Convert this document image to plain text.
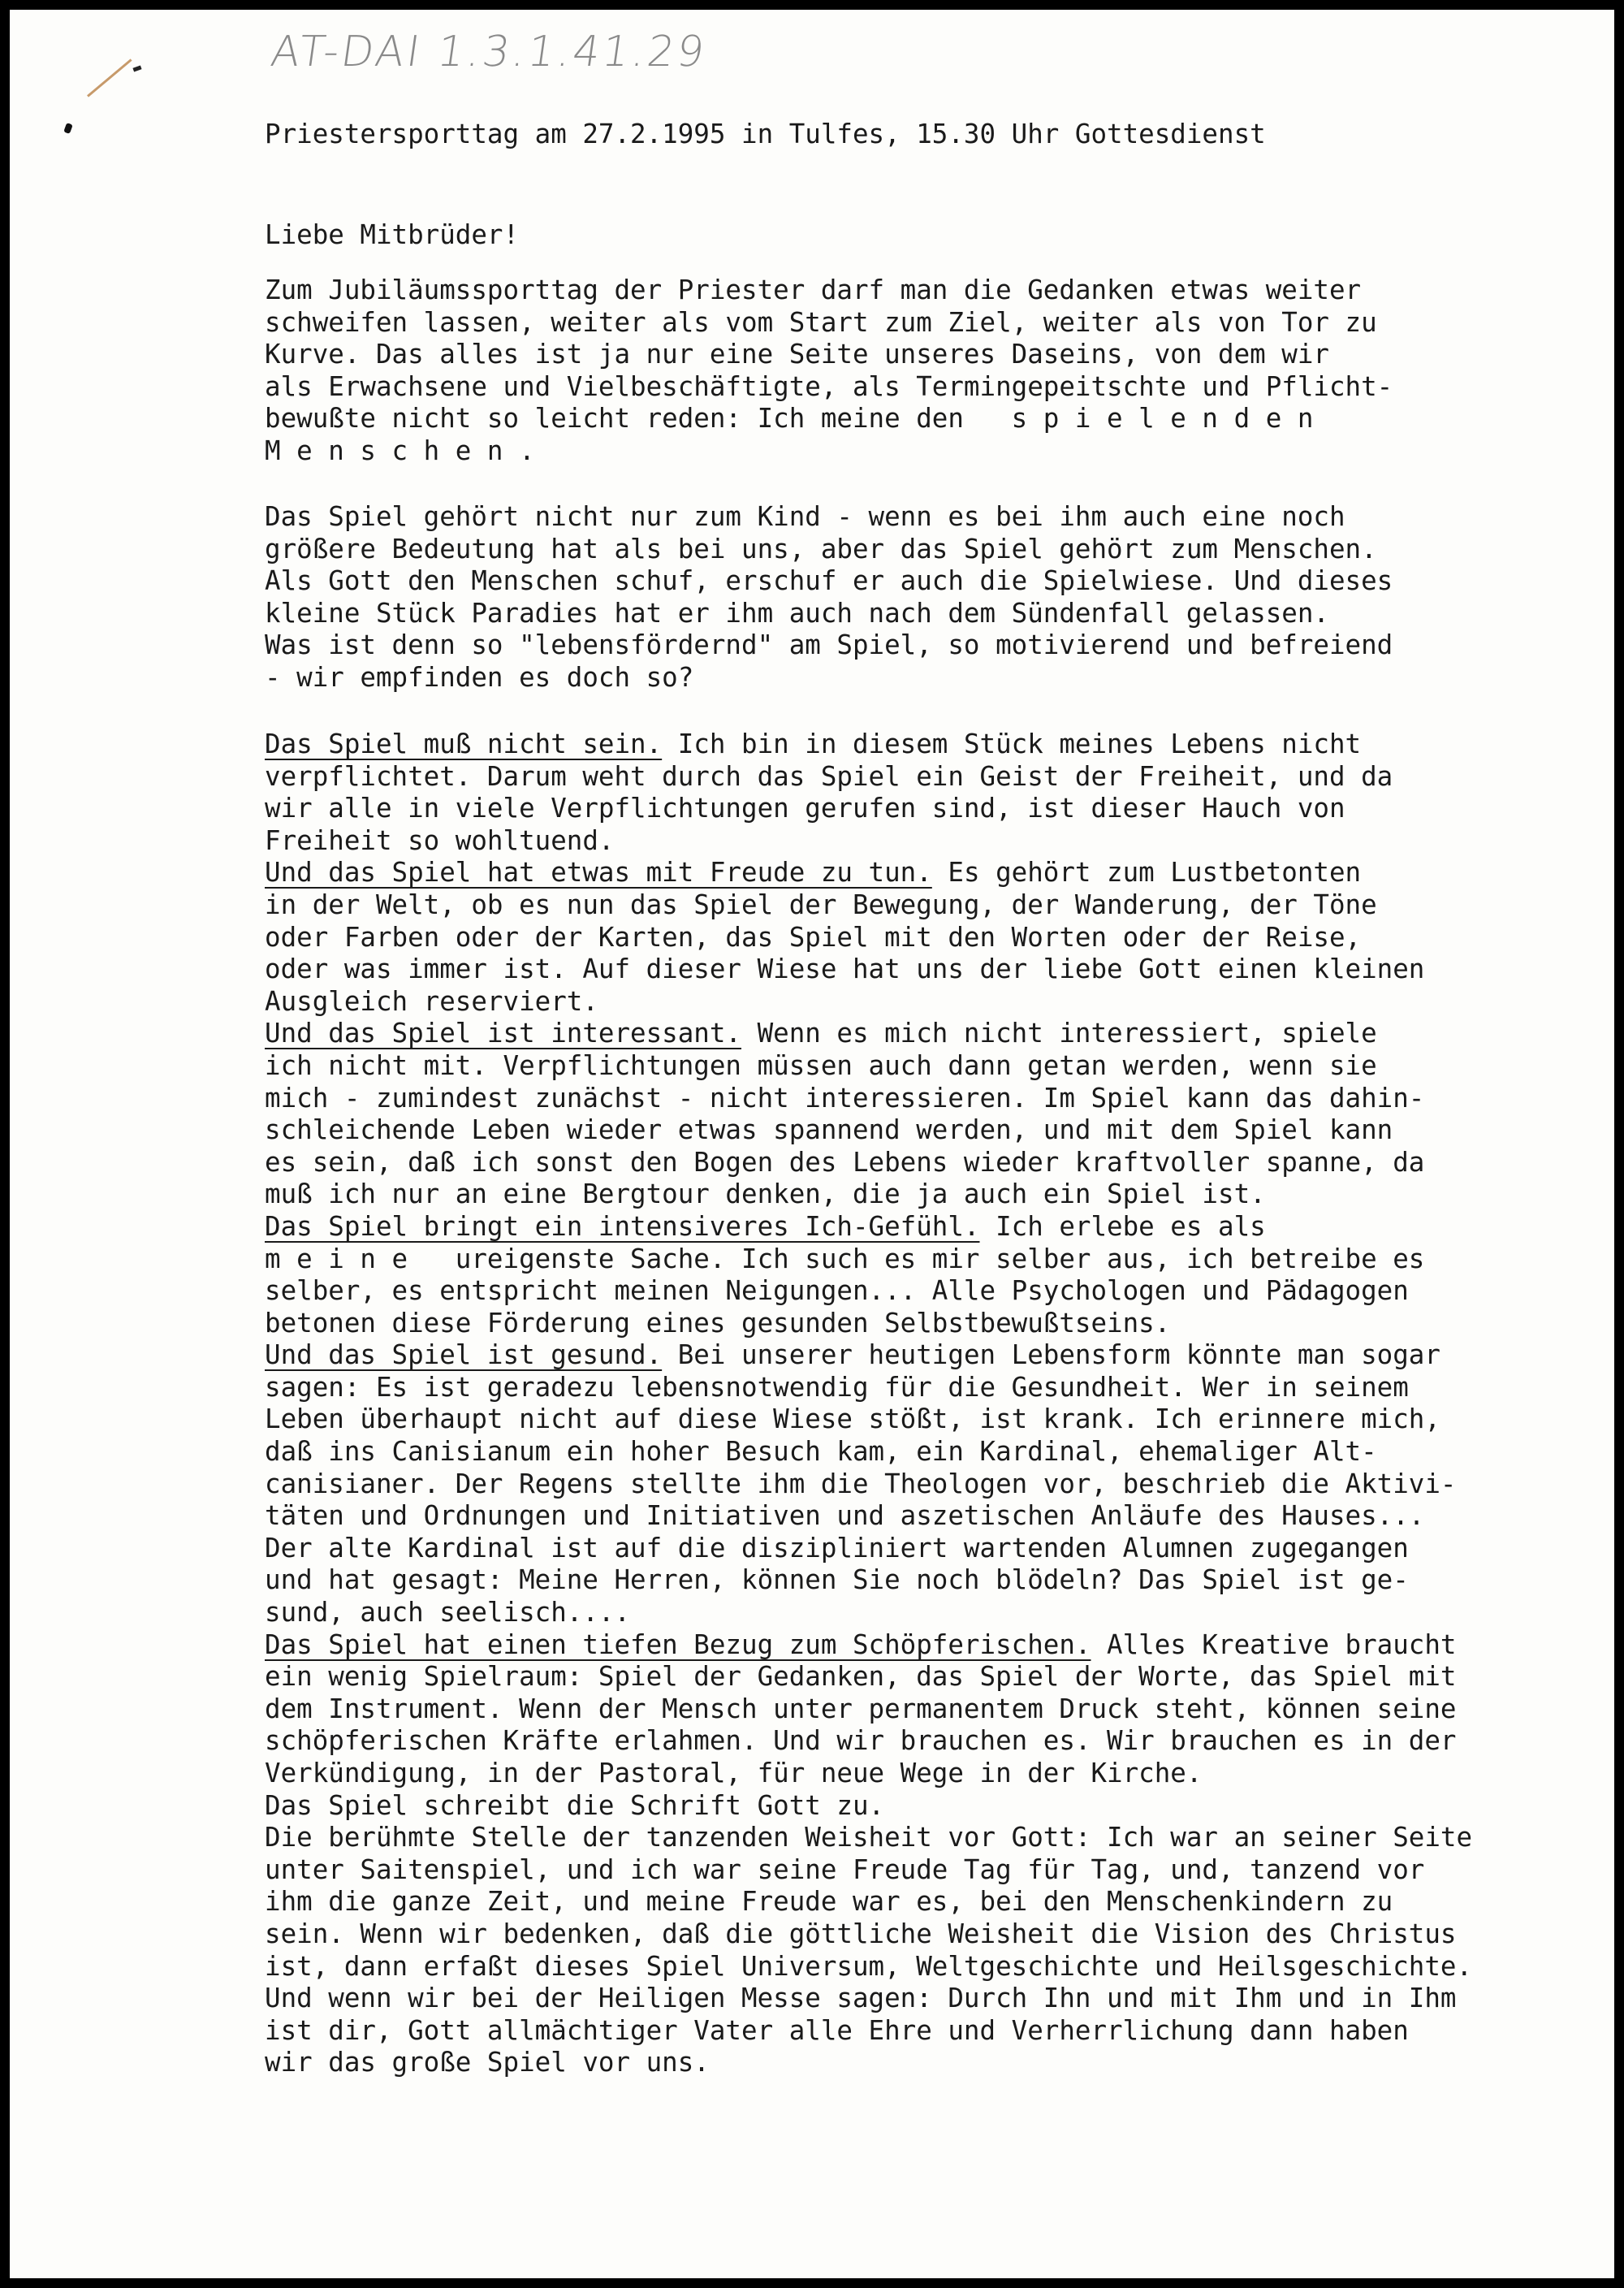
AT-DAI 1.3.1.41.29
Priestersporttag am 27.2.1995 in Tulfes, 15.30 Uhr Gottesdienst
Liebe Mitbrüder!
Zum Jubiläumssporttag der Priester darf man die Gedanken etwas weiter
schweifen lassen, weiter als vom Start zum Ziel, weiter als von Tor zu
Kurve. Das alles ist ja nur eine Seite unseres Daseins, von dem wir
als Erwachsene und Vielbeschäftigte, als Termingepeitschte und Pflicht-
bewußte nicht so leicht reden: Ich meine den   s p i e l e n d e n
M e n s c h e n .
Das Spiel gehört nicht nur zum Kind - wenn es bei ihm auch eine noch
größere Bedeutung hat als bei uns, aber das Spiel gehört zum Menschen.
Als Gott den Menschen schuf, erschuf er auch die Spielwiese. Und dieses
kleine Stück Paradies hat er ihm auch nach dem Sündenfall gelassen.
Was ist denn so "lebensfördernd" am Spiel, so motivierend und befreiend
- wir empfinden es doch so?
Das Spiel muß nicht sein. Ich bin in diesem Stück meines Lebens nicht
verpflichtet. Darum weht durch das Spiel ein Geist der Freiheit, und da
wir alle in viele Verpflichtungen gerufen sind, ist dieser Hauch von
Freiheit so wohltuend.
Und das Spiel hat etwas mit Freude zu tun. Es gehört zum Lustbetonten
in der Welt, ob es nun das Spiel der Bewegung, der Wanderung, der Töne
oder Farben oder der Karten, das Spiel mit den Worten oder der Reise,
oder was immer ist. Auf dieser Wiese hat uns der liebe Gott einen kleinen
Ausgleich reserviert.
Und das Spiel ist interessant. Wenn es mich nicht interessiert, spiele
ich nicht mit. Verpflichtungen müssen auch dann getan werden, wenn sie
mich - zumindest zunächst - nicht interessieren. Im Spiel kann das dahin-
schleichende Leben wieder etwas spannend werden, und mit dem Spiel kann
es sein, daß ich sonst den Bogen des Lebens wieder kraftvoller spanne, da
muß ich nur an eine Bergtour denken, die ja auch ein Spiel ist.
Das Spiel bringt ein intensiveres Ich-Gefühl. Ich erlebe es als
m e i n e   ureigenste Sache. Ich such es mir selber aus, ich betreibe es
selber, es entspricht meinen Neigungen... Alle Psychologen und Pädagogen
betonen diese Förderung eines gesunden Selbstbewußtseins.
Und das Spiel ist gesund. Bei unserer heutigen Lebensform könnte man sogar
sagen: Es ist geradezu lebensnotwendig für die Gesundheit. Wer in seinem
Leben überhaupt nicht auf diese Wiese stößt, ist krank. Ich erinnere mich,
daß ins Canisianum ein hoher Besuch kam, ein Kardinal, ehemaliger Alt-
canisianer. Der Regens stellte ihm die Theologen vor, beschrieb die Aktivi-
täten und Ordnungen und Initiativen und aszetischen Anläufe des Hauses...
Der alte Kardinal ist auf die diszipliniert wartenden Alumnen zugegangen
und hat gesagt: Meine Herren, können Sie noch blödeln? Das Spiel ist ge-
sund, auch seelisch....
Das Spiel hat einen tiefen Bezug zum Schöpferischen. Alles Kreative braucht
ein wenig Spielraum: Spiel der Gedanken, das Spiel der Worte, das Spiel mit
dem Instrument. Wenn der Mensch unter permanentem Druck steht, können seine
schöpferischen Kräfte erlahmen. Und wir brauchen es. Wir brauchen es in der
Verkündigung, in der Pastoral, für neue Wege in der Kirche.
Das Spiel schreibt die Schrift Gott zu.
Die berühmte Stelle der tanzenden Weisheit vor Gott: Ich war an seiner Seite
unter Saitenspiel, und ich war seine Freude Tag für Tag, und, tanzend vor
ihm die ganze Zeit, und meine Freude war es, bei den Menschenkindern zu
sein. Wenn wir bedenken, daß die göttliche Weisheit die Vision des Christus
ist, dann erfaßt dieses Spiel Universum, Weltgeschichte und Heilsgeschichte.
Und wenn wir bei der Heiligen Messe sagen: Durch Ihn und mit Ihm und in Ihm
ist dir, Gott allmächtiger Vater alle Ehre und Verherrlichung dann haben
wir das große Spiel vor uns.
